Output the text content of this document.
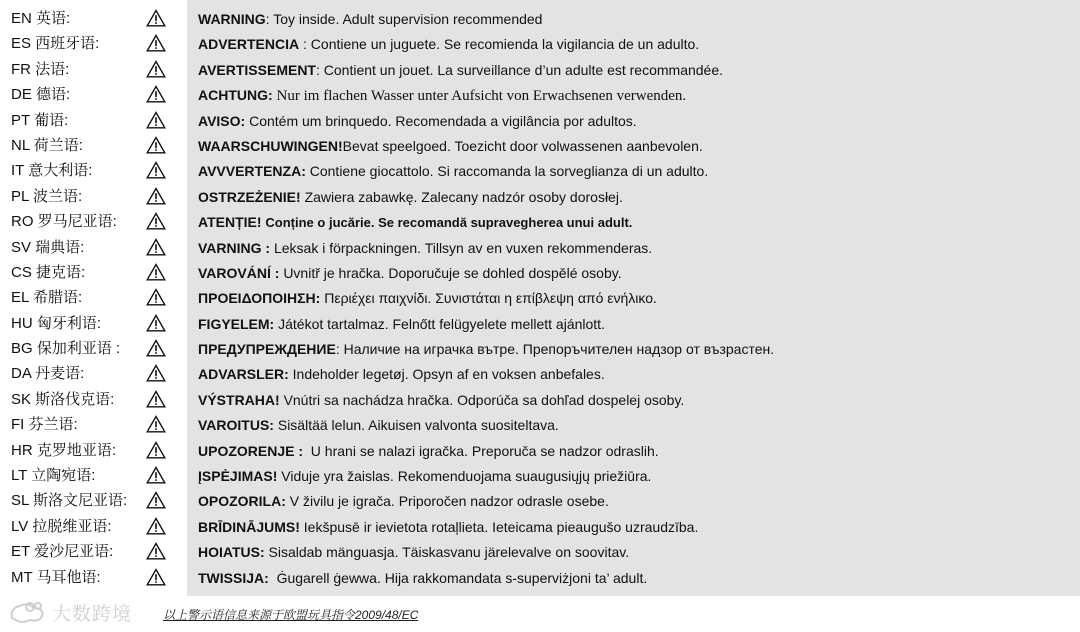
EN 英语:
ES 西班牙语:
FR 法语:
DE 德语:
PT 葡语:
NL 荷兰语:
IT 意大利语:
PL 波兰语:
RO 罗马尼亚语:
SV 瑞典语:
CS 捷克语:
EL 希腊语:
HU 匈牙利语:
BG 保加利亚语 :
DA 丹麦语:
SK 斯洛伐克语:
FI 芬兰语:
HR 克罗地亚语:
LT 立陶宛语:
SL 斯洛文尼亚语:
LV 拉脱维亚语:
ET 爱沙尼亚语:
MT 马耳他语:
WARNING: Toy inside. Adult supervision recommended
ADVERTENCIA : Contiene un juguete. Se recomienda la vigilancia de un adulto.
AVERTISSEMENT: Contient un jouet. La surveillance d’un adulte est recommandée.
ACHTUNG: Nur im flachen Wasser unter Aufsicht von Erwachsenen verwenden.
AVISO: Contém um brinquedo. Recomendada a vigilância por adultos.
WAARSCHUWINGEN!Bevat speelgoed. Toezicht door volwassenen aanbevolen.
AVVVERTENZA: Contiene giocattolo. Si raccomanda la sorveglianza di un adulto.
OSTRZEŻENIE! Zawiera zabawkę. Zalecany nadzór osoby dorosłej.
ATENȚIE! Conține o jucărie. Se recomandă supravegherea unui adult.
VARNING : Leksak i förpackningen. Tillsyn av en vuxen rekommenderas.
VAROVÁNÍ : Uvnitř je hračka. Doporučuje se dohled dospělé osoby.
ΠΡΟΕΙΔΟΠΟΙΗΣΗ: Περιέχει παιχνίδι. Συνιστάται η επίβλεψη από ενήλικο.
FIGYELEM: Játékot tartalmaz. Felnőtt felügyelete mellett ajánlott.
ПРЕДУПРЕЖДЕНИЕ: Наличие на играчка вътре. Препоръчителен надзор от възрастен.
ADVARSLER: Indeholder legetøj. Opsyn af en voksen anbefales.
VÝSTRAHA! Vnútri sa nachádza hračka. Odporúča sa dohľad dospelej osoby.
VAROITUS: Sisältää lelun. Aikuisen valvonta suositeltava.
UPOZORENJE : U hrani se nalazi igračka. Preporuča se nadzor odraslih.
ĮSPĖJIMAS! Viduje yra žaislas. Rekomenduojama suaugusiųjų priežiūra.
OPOZORILA: V živilu je igrača. Priporočen nadzor odrasle osebe.
BRĪDINĀJUMS! Iekšpusē ir ievietota rotaļlieta. Ieteicama pieaugušo uzraudzība.
HOIATUS: Sisaldab mänguasja. Täiskasvanu järelevalve on soovitav.
TWISSIJA: Ġugarell ġewwa. Hija rakkomandata s-superviżjoni ta’ adult.
大数跨境	以上警示语信息来源于欧盟玩具指令2009/48/EC
